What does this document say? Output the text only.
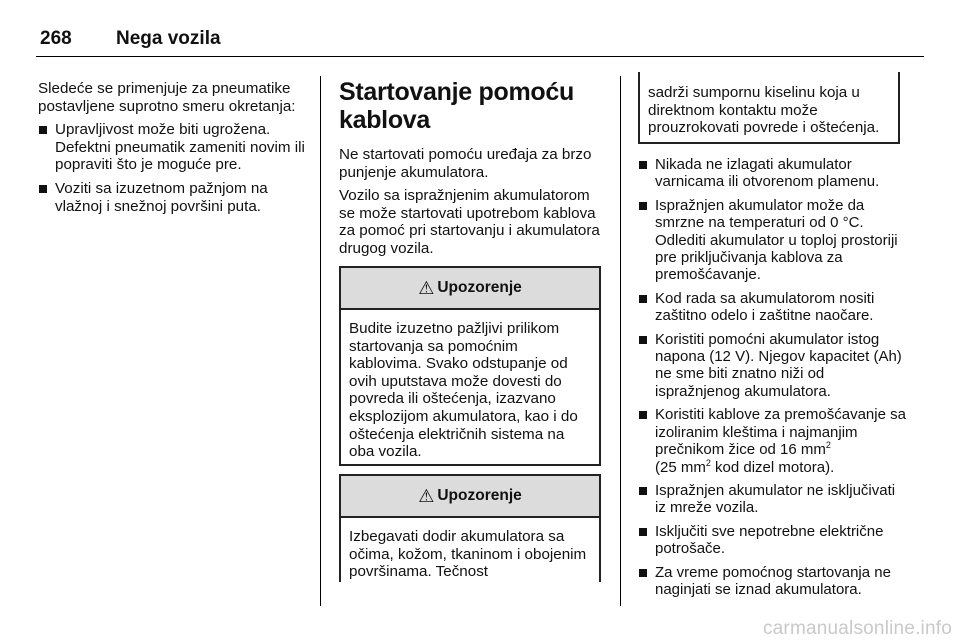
268 Nega vozila

Sledeće se primenjuje za pneumatike postavljene suprotno smeru okretanja:

Upravljivost može biti ugrožena. Defektni pneumatik zameniti novim ili popraviti što je moguće pre.
Voziti sa izuzetnom pažnjom na vlažnoj i snežnoj površini puta.
Startovanje pomoću kablova

Ne startovati pomoću uređaja za brzo punjenje akumulatora.

Vozilo sa ispražnjenim akumulatorom se može startovati upotrebom kablova za pomoć pri startovanju i akumulatora drugog vozila.

⚠ Upozorenje
Budite izuzetno pažljivi prilikom startovanja sa pomoćnim kablovima. Svako odstupanje od ovih uputstava može dovesti do povreda ili oštećenja, izazvano eksplozijom akumulatora, kao i do oštećenja električnih sistema na oba vozila.
⚠ Upozorenje
Izbegavati dodir akumulatora sa očima, kožom, tkaninom i obojenim površinama. Tečnost
sadrži sumpornu kiselinu koja u direktnom kontaktu može prouzrokovati povrede i oštećenja.
Nikada ne izlagati akumulator varnicama ili otvorenom plamenu.
Ispražnjen akumulator može da smrzne na temperaturi od 0 °C. Odlediti akumulator u toploj prostoriji pre priključivanja kablova za premošćavanje.
Kod rada sa akumulatorom nositi zaštitno odelo i zaštitne naočare.
Koristiti pomoćni akumulator istog napona (12 V). Njegov kapacitet (Ah) ne sme biti znatno niži od ispražnjenog akumulatora.
Koristiti kablove za premošćavanje sa izoliranim kleštima i najmanjim prečnikom žice od 16 $mm^2$
(25 $mm^2$ kod dizel motora).
Ispražnjen akumulator ne isključivati iz mreže vozila.
Isključiti sve nepotrebne električne potrošače.
Za vreme pomoćnog startovanja ne naginjati se iznad akumulatora.
carmanualsonline.info
